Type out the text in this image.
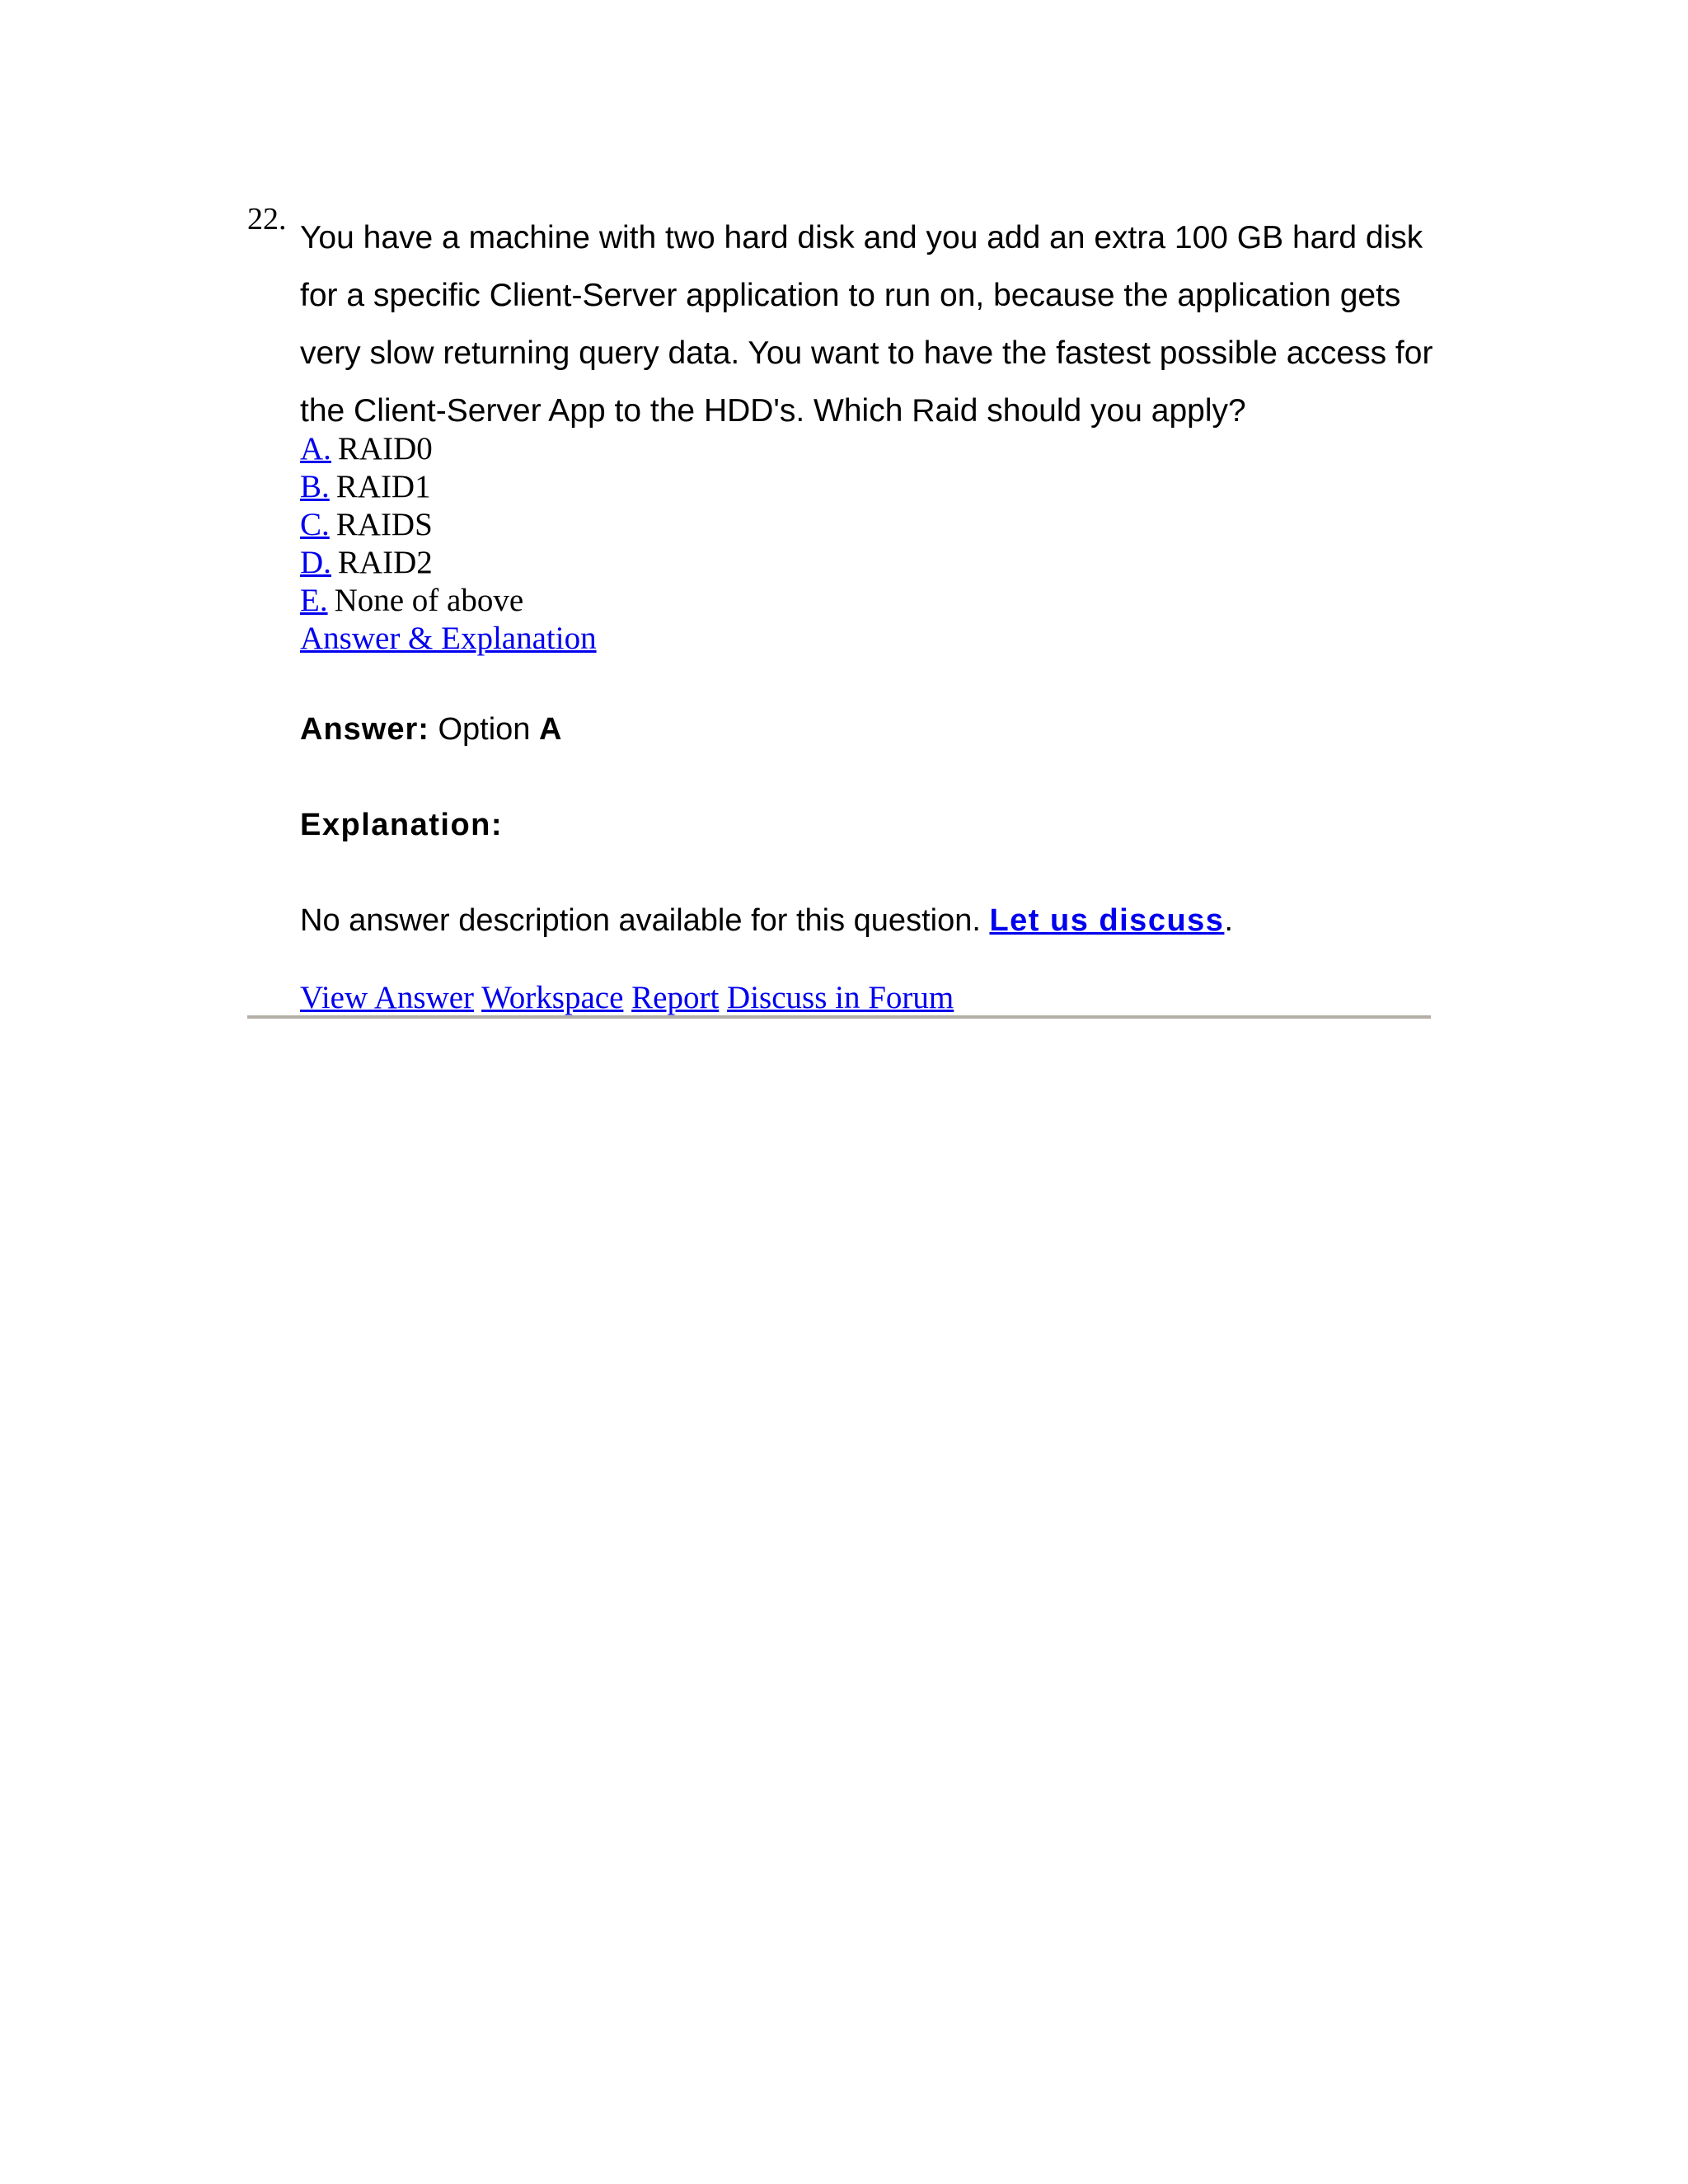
22.

You have a machine with two hard disk and you add an extra 100 GB hard disk for a specific Client-Server application to run on, because the application gets very slow returning query data. You want to have the fastest possible access for the Client-Server App to the HDD's. Which Raid should you apply?

A. RAID0
B. RAID1
C. RAIDS
D. RAID2
E. None of above
Answer & Explanation
Answer: Option A
Explanation:
No answer description available for this question. Let us discuss.
View Answer Workspace Report Discuss in Forum
